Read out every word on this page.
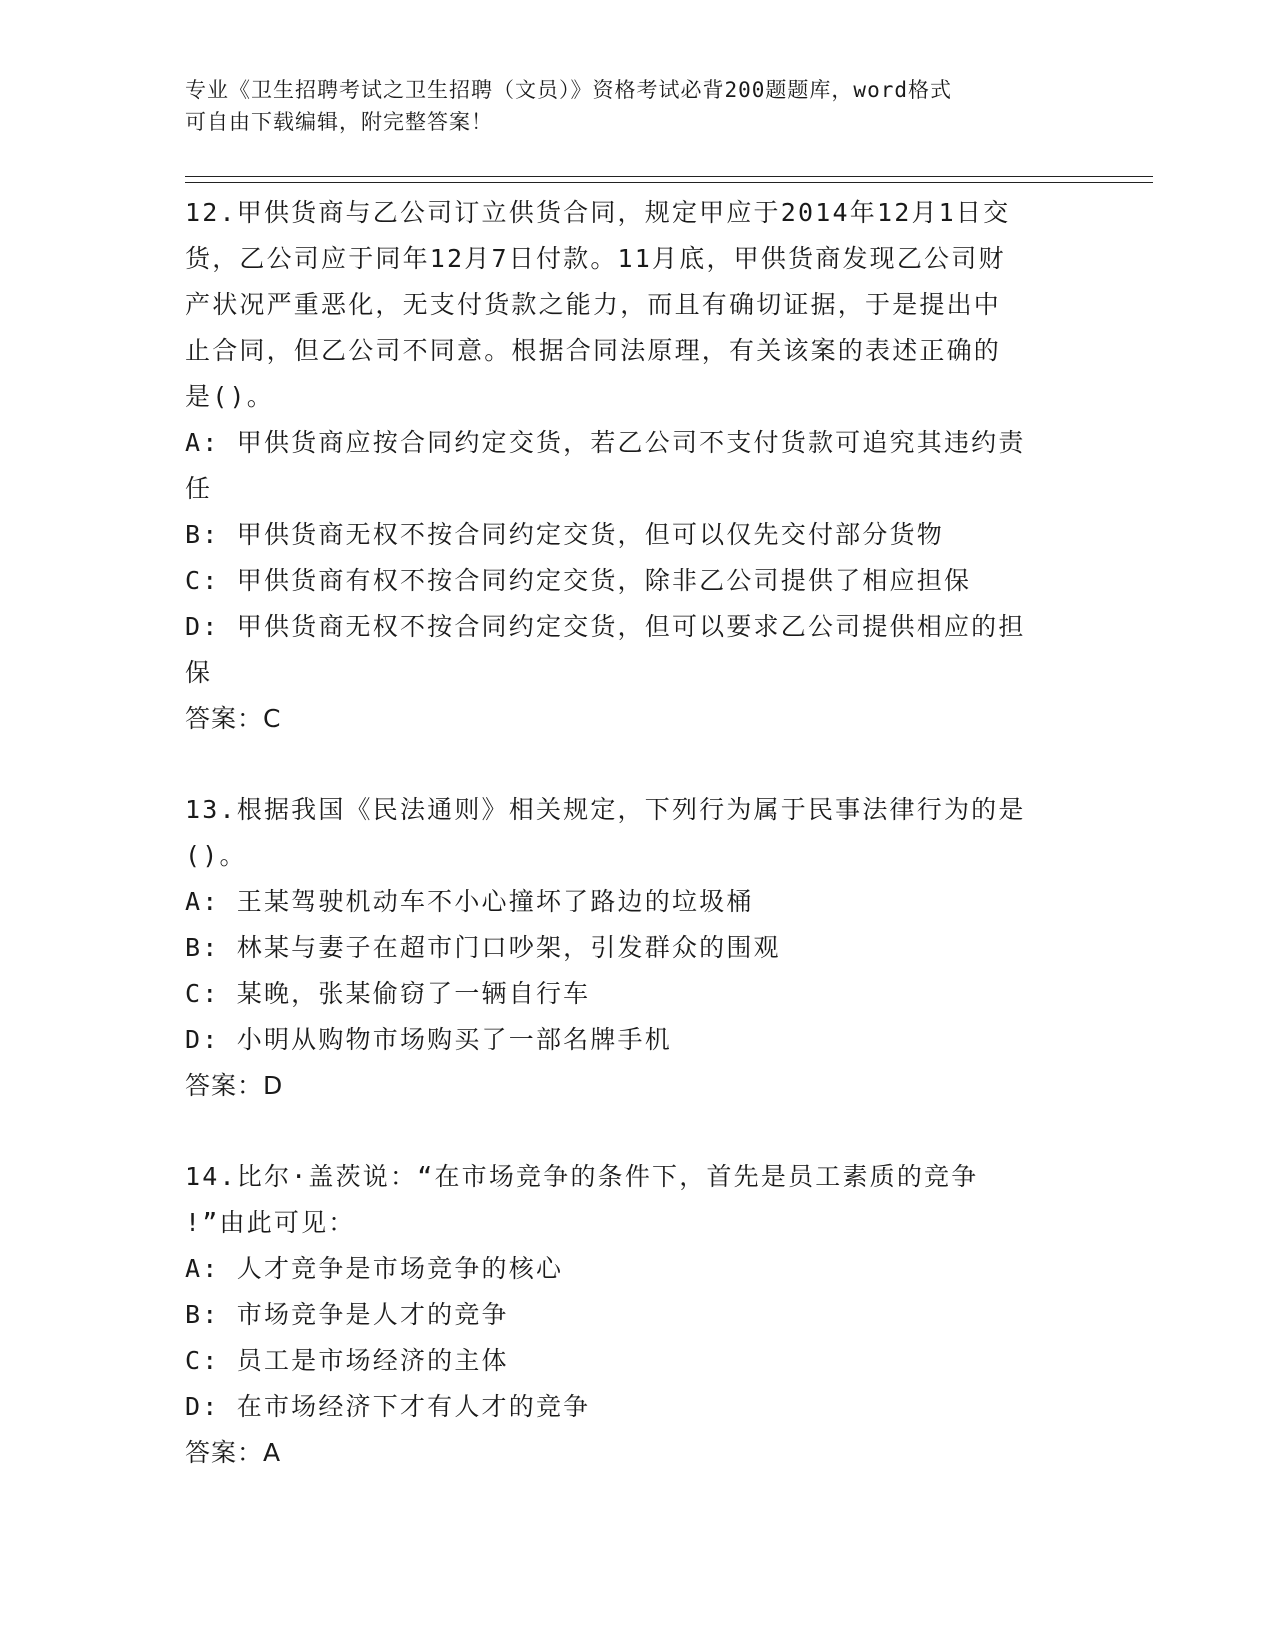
专业《卫生招聘考试之卫生招聘（文员）》资格考试必背200题题库，word格式
可自由下载编辑，附完整答案！

12.甲供货商与乙公司订立供货合同，规定甲应于2014年12月1日交

货，乙公司应于同年12月7日付款。11月底，甲供货商发现乙公司财

产状况严重恶化，无支付货款之能力，而且有确切证据，于是提出中

止合同，但乙公司不同意。根据合同法原理，有关该案的表述正确的

是()。

A: 甲供货商应按合同约定交货，若乙公司不支付货款可追究其违约责

任

B: 甲供货商无权不按合同约定交货，但可以仅先交付部分货物

C: 甲供货商有权不按合同约定交货，除非乙公司提供了相应担保

D: 甲供货商无权不按合同约定交货，但可以要求乙公司提供相应的担

保

答案：C

13.根据我国《民法通则》相关规定，下列行为属于民事法律行为的是

()。

A: 王某驾驶机动车不小心撞坏了路边的垃圾桶

B: 林某与妻子在超市门口吵架，引发群众的围观

C: 某晚，张某偷窃了一辆自行车

D: 小明从购物市场购买了一部名牌手机

答案：D

14.比尔·盖茨说：“在市场竞争的条件下，首先是员工素质的竞争

!”由此可见：

A: 人才竞争是市场竞争的核心

B: 市场竞争是人才的竞争

C: 员工是市场经济的主体

D: 在市场经济下才有人才的竞争

答案：A
